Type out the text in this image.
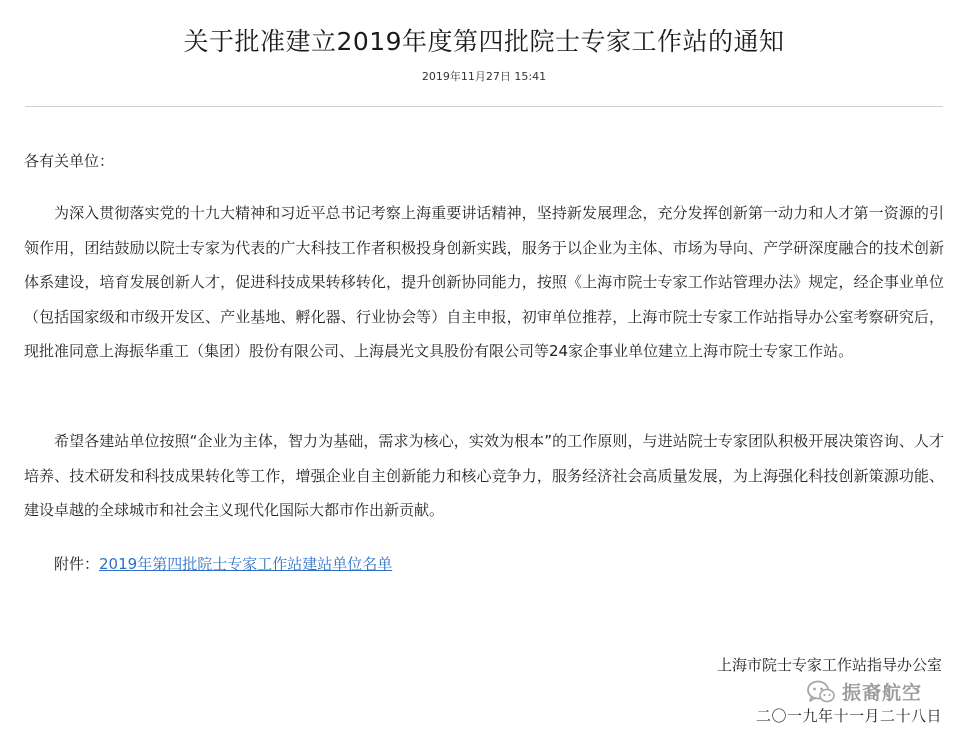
关于批准建立2019年度第四批院士专家工作站的通知
2019年11月27日 15:41
各有关单位：

为深入贯彻落实党的十九大精神和习近平总书记考察上海重要讲话精神，坚持新发展理念，充分发挥创新第一动力和人才第一资源的引领作用，团结鼓励以院士专家为代表的广大科技工作者积极投身创新实践，服务于以企业为主体、市场为导向、产学研深度融合的技术创新体系建设，培育发展创新人才，促进科技成果转移转化，提升创新协同能力，按照《上海市院士专家工作站管理办法》规定，经企事业单位（包括国家级和市级开发区、产业基地、孵化器、行业协会等）自主申报，初审单位推荐，上海市院士专家工作站指导办公室考察研究后，现批准同意上海振华重工（集团）股份有限公司、上海晨光文具股份有限公司等24家企事业单位建立上海市院士专家工作站。

希望各建站单位按照“企业为主体，智力为基础，需求为核心，实效为根本”的工作原则，与进站院士专家团队积极开展决策咨询、人才培养、技术研发和科技成果转化等工作，增强企业自主创新能力和核心竞争力，服务经济社会高质量发展，为上海强化科技创新策源功能、建设卓越的全球城市和社会主义现代化国际大都市作出新贡献。

附件：2019年第四批院士专家工作站建站单位名单
上海市院士专家工作站指导办公室
振裔航空
二〇一九年十一月二十八日
